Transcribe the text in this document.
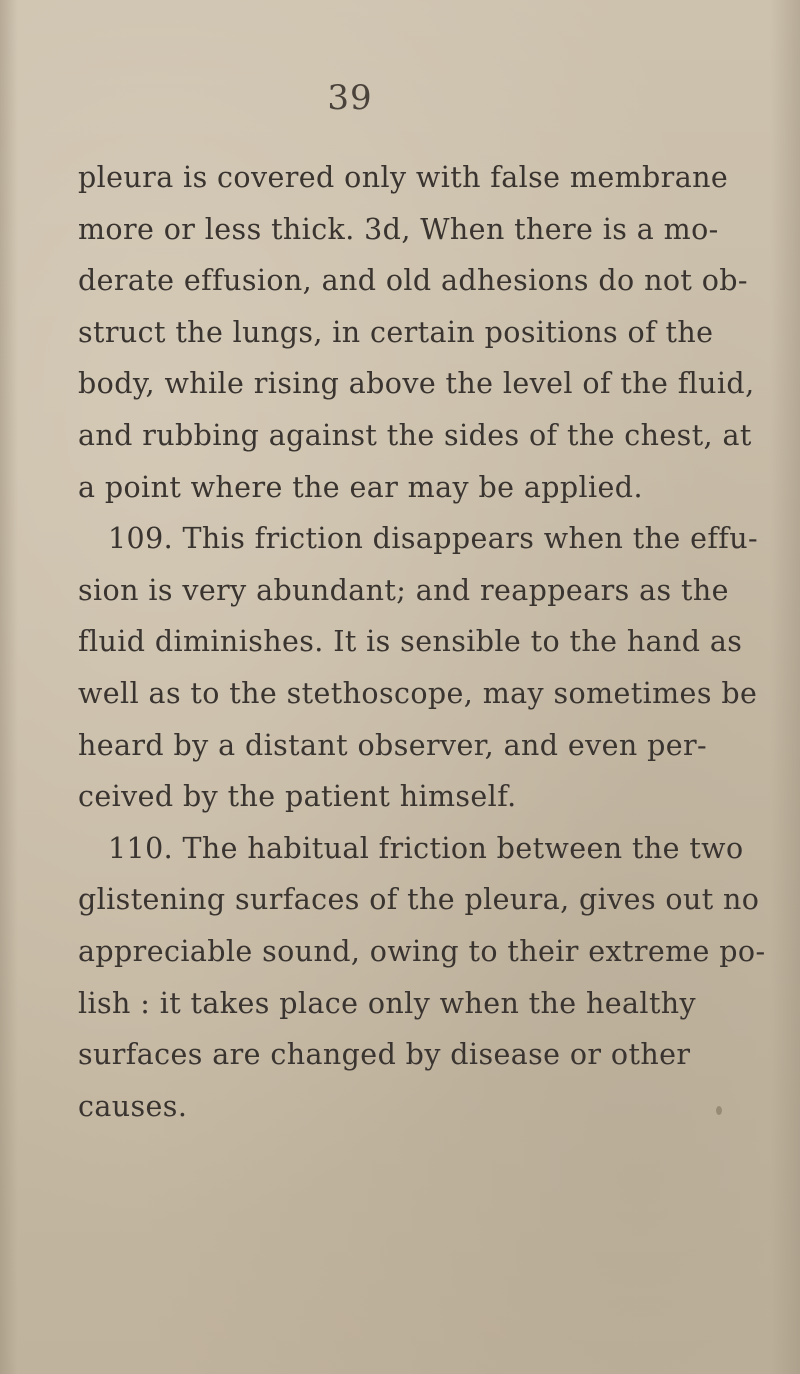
39
pleura is covered only with false membrane
more or less thick. 3d, When there is a mo-
derate effusion, and old adhesions do not ob-
struct the lungs, in certain positions of the
body, while rising above the level of the fluid,
and rubbing against the sides of the chest, at
a point where the ear may be applied.
109. This friction disappears when the effu-
sion is very abundant; and reappears as the
fluid diminishes. It is sensible to the hand as
well as to the stethoscope, may sometimes be
heard by a distant observer, and even per-
ceived by the patient himself.
110. The habitual friction between the two
glistening surfaces of the pleura, gives out no
appreciable sound, owing to their extreme po-
lish : it takes place only when the healthy
surfaces are changed by disease or other
causes.
